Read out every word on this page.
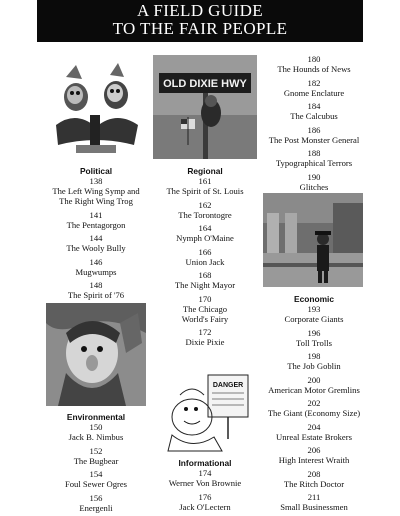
A FIELD GUIDE
TO THE FAIR PEOPLE
OLD DIXIE HWY
DANGER
Political
138
The Left Wing Symp and The Right Wing Trog
141
The Pentagorgon
144
The Wooly Bully
146
Mugwumps
148
The Spirit of '76
Environmental
150
Jack B. Nimbus
152
The Bugbear
154
Foul Sewer Ogres
156
Energenli
Regional
161
The Spirit of St. Louis
162
The Torontogre
164
Nymph O'Maine
166
Union Jack
168
The Night Mayor
170
The Chicago World's Fairy
172
Dixie Pixie
Informational
174
Werner Von Brownie
176
Jack O'Lectern
180
The Hounds of News
182
Gnome Enclature
184
The Calcubus
186
The Post Monster General
188
Typographical Terrors
190
Glitches
Economic
193
Corporate Giants
196
Toll Trolls
198
The Job Goblin
200
American Motor Gremlins
202
The Giant (Economy Size)
204
Unreal Estate Brokers
206
High Interest Wraith
208
The Ritch Doctor
211
Small Businessmen
